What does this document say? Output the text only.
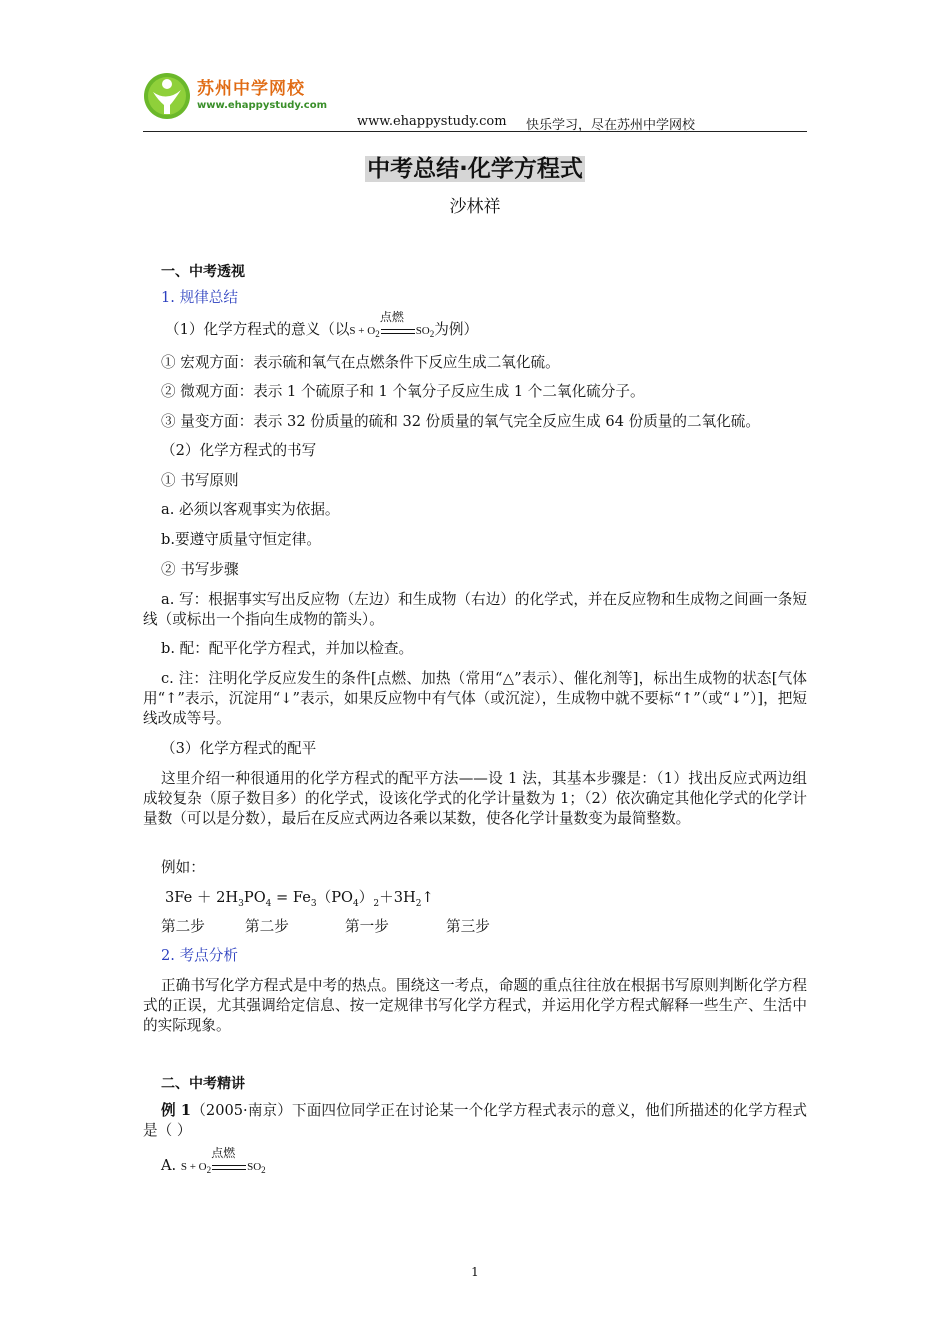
苏州中学网校
www.ehappystudy.com
www.ehappystudy.com 快乐学习，尽在苏州中学网校
中考总结·化学方程式
沙林祥
一、中考透视
1. 规律总结
（1）化学方程式的意义（以
点燃
$S + O_2$	$SO_2$为例）
① 宏观方面：表示硫和氧气在点燃条件下反应生成二氧化硫。
② 微观方面：表示 1 个硫原子和 1 个氧分子反应生成 1 个二氧化硫分子。
③ 量变方面：表示 32 份质量的硫和 32 份质量的氧气完全反应生成 64 份质量的二氧化硫。
（2）化学方程式的书写
① 书写原则
a. 必须以客观事实为依据。
b.要遵守质量守恒定律。
② 书写步骤
a. 写：根据事实写出反应物（左边）和生成物（右边）的化学式，并在反应物和生成物之间画一条短线（或标出一个指向生成物的箭头）。
b. 配：配平化学方程式，并加以检查。
c. 注：注明化学反应发生的条件[点燃、加热（常用“△”表示）、催化剂等]，标出生成物的状态[气体用“↑”表示，沉淀用“↓”表示，如果反应物中有气体（或沉淀），生成物中就不要标“↑”（或“↓”）]，把短线改成等号。
（3）化学方程式的配平
这里介绍一种很通用的化学方程式的配平方法——设 1 法，其基本步骤是：（1）找出反应式两边组成较复杂（原子数目多）的化学式，设该化学式的化学计量数为 1；（2）依次确定其他化学式的化学计量数（可以是分数），最后在反应式两边各乘以某数，使各化学计量数变为最简整数。
例如：
$3Fe + 2H_3PO_4$ = $Fe_3(PO_4)_2+3H_2↑$
第二步	第二步	第一步	第三步
2. 考点分析
正确书写化学方程式是中考的热点。围绕这一考点，命题的重点往往放在根据书写原则判断化学方程式的正误，尤其强调给定信息、按一定规律书写化学方程式，并运用化学方程式解释一些生产、生活中的实际现象。
二、中考精讲
例 1（2005·南京）下面四位同学正在讨论某一个化学方程式表示的意义，他们所描述的化学方程式是（ ）
A.
点燃
$S + O_2$	$SO_2$
1
